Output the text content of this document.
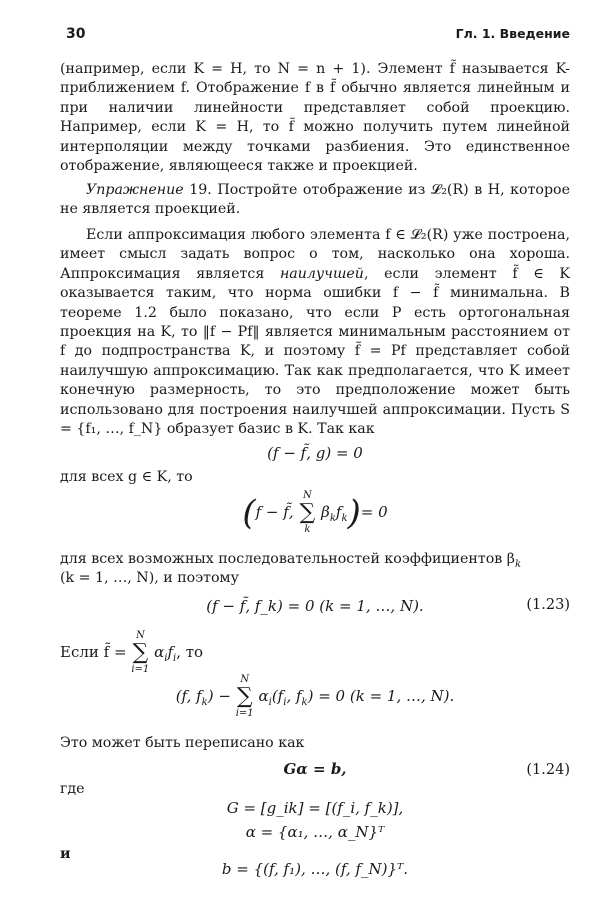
30	Гл. 1. Введение

(например, если K = H, то N = n + 1). Элемент f̃ называется K-приближением f. Отображение f в f̃ обычно является линейным и при наличии линейности представляет собой проекцию. Например, если K = H, то f̃ можно получить путем линейной интерполяции между точками разбиения. Это единственное отображение, являющееся также и проекцией.

Упражнение 19. Постройте отображение из 𝓛₂(R) в H, которое не является проекцией.

Если аппроксимация любого элемента f ∈ 𝓛₂(R) уже построена, имеет смысл задать вопрос о том, насколько она хороша. Аппроксимация является наилучшей, если элемент f̃ ∈ K оказывается таким, что норма ошибки f − f̃ минимальна. В теореме 1.2 было показано, что если P есть ортогональная проекция на K, то ‖f − Pf‖ является минимальным расстоянием от f до подпространства K, и поэтому f̃ = Pf представляет собой наилучшую аппроксимацию. Так как предполагается, что K имеет конечную размерность, то это предположение может быть использовано для построения наилучшей аппроксимации. Пусть S = {f₁, …, f_N} образует базис в K. Так как

(f − f̃, g) = 0
для всех g ∈ K, то
(f − f̃, ∑
N
k
$\beta_kf_k)= 0$
для всех возможных последовательностей коэффициентов $\beta_k$
(k = 1, …, N), и поэтому
(f − f̃, f_k) = 0 (k = 1, …, N).	(1.23)
Если f̃ = ∑
N
i=1
$\alpha_if_i$, то
(f, $f_k$) − ∑
N
i=1
$\alpha_i(f_i$, $f_k) = 0$ (k = 1, …, N).
Это может быть переписано как
Gα = b,	(1.24)
где
G = [g_ik] = [(f_i, f_k)],
α = {α₁, …, α_N}ᵀ
и
b = {(f, f₁), …, (f, f_N)}ᵀ.
